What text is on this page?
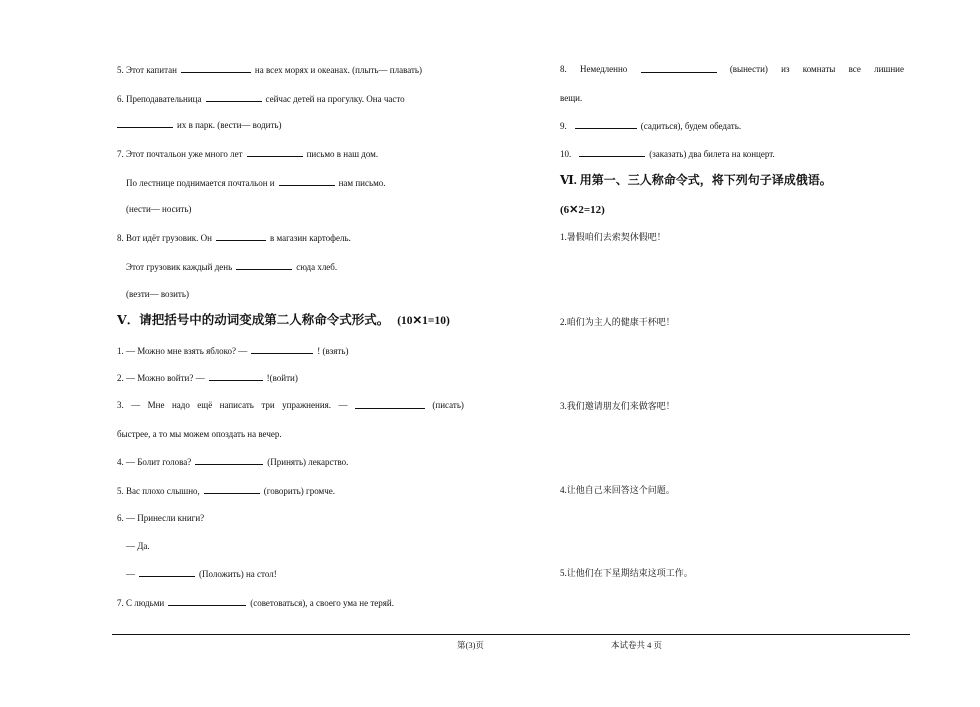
5. Этот капитан	на всех морях и океанах. (плыть— плавать)
6. Преподавательница	сейчас детей на прогулку. Она часто
их в парк. (вести— водить)
7. Этот почтальон уже много лет	письмо в наш дом.
По лестнице поднимается почтальон и	нам письмо.
(нести— носить)
8. Вот идёт грузовик. Он	в магазин картофель.
Этот грузовик каждый день	сюда хлеб.
(везти— возить)
Ⅴ．请把括号中的动词变成第二人称命令式形式。 (10✕1=10)
1. — Можно мне взять яблоко? —	! (взять)
2. — Можно войти? —	!(войти)
3. — Мне надо ещё написать три упражнения. —	(писать)
быстрее, а то мы можем опоздать на вечер.
4. — Болит голова?	(Принять) лекарство.
5. Вас плохо слышно,	(говорить) громче.
6. — Принесли книги?
— Да.
—	(Положить) на стол!
7. С людьми	(советоваться), а своего ума не теряй.
8. Немедленно	(вынести) из комнаты все лишние
вещи.
9.	(садиться), будем обедать.
10.	(заказать) два билета на концерт.
Ⅵ. 用第一、三人称命令式，将下列句子译成俄语。
(6✕2=12)
1.暑假咱们去索契休假吧！
2.咱们为主人的健康干杯吧！
3.我们邀请朋友们来做客吧！
4.让他自己来回答这个问题。
5.让他们在下星期结束这项工作。
第(3)页	本试卷共 4 页
